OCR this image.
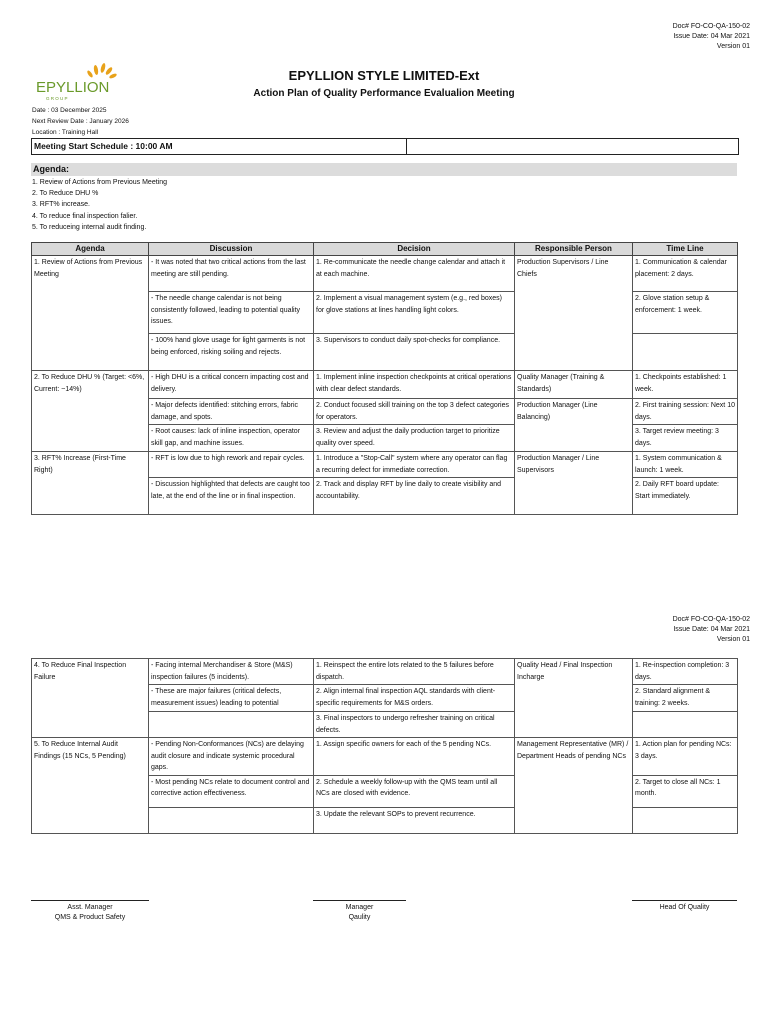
Doc# FO-CO-QA-150-02
Issue Date: 04 Mar 2021
Version 01
EPYLLION
G R O U P
EPYLLION STYLE LIMITED-Ext
Action Plan of Quality Performance Evalualion Meeting
Date : 03 December 2025
Next Review Date : January 2026
Location : Training Hall
Meeting Start Schedule : 10:00 AM
Agenda:
1. Review of Actions from Previous Meeting
2. To Reduce DHU %
3. RFT% increase.
4. To reduce final inspection falier.
5. To reduceing internal audit finding.
Agenda	Discussion	Decision	Responsible Person	Time Line
1. Review of Actions from Previous Meeting	- It was noted that two critical actions from the last meeting are still pending.	1. Re-communicate the needle change calendar and attach it at each machine.	Production Supervisors / Line Chiefs	1. Communication & calendar placement: 2 days.
	- The needle change calendar is not being consistently followed, leading to potential quality issues.	2. Implement a visual management system (e.g., red boxes) for glove stations at lines handling light colors.		2. Glove station setup & enforcement: 1 week.
	- 100% hand glove usage for light garments is not being enforced, risking soiling and rejects.	3. Supervisors to conduct daily spot-checks for compliance.		
2. To Reduce DHU % (Target: <6%, Current: ~14%)	- High DHU is a critical concern impacting cost and delivery.	1. Implement inline inspection checkpoints at critical operations with clear defect standards.	Quality Manager (Training & Standards)	1. Checkpoints established: 1 week.
	- Major defects identified: stitching errors, fabric damage, and spots.	2. Conduct focused skill training on the top 3 defect categories for operators.	Production Manager (Line Balancing)	2. First training session: Next 10 days.
	- Root causes: lack of inline inspection, operator skill gap, and machine issues.	3. Review and adjust the daily production target to prioritize quality over speed.		3. Target review meeting: 3 days.
3. RFT% Increase (First-Time Right)	- RFT is low due to high rework and repair cycles.	1. Introduce a "Stop-Call" system where any operator can flag a recurring defect for immediate correction.	Production Manager / Line Supervisors	1. System communication & launch: 1 week.
	- Discussion highlighted that defects are caught too late, at the end of the line or in final inspection.	2. Track and display RFT by line daily to create visibility and accountability.		2. Daily RFT board update: Start immediately.
Doc# FO-CO-QA-150-02
Issue Date: 04 Mar 2021
Version 01
4. To Reduce Final Inspection Failure	- Facing internal Merchandiser & Store (M&S) inspection failures (5 incidents).	1. Reinspect the entire lots related to the 5 failures before dispatch.	Quality Head / Final Inspection Incharge	1. Re-inspection completion: 3 days.
	- These are major failures (critical defects, measurement issues) leading to potential	2. Align internal final inspection AQL standards with client-specific requirements for M&S orders.		2. Standard alignment & training: 2 weeks.
		3. Final inspectors to undergo refresher training on critical defects.		
5. To Reduce Internal Audit Findings (15 NCs, 5 Pending)	- Pending Non-Conformances (NCs) are delaying audit closure and indicate systemic procedural gaps.	1. Assign specific owners for each of the 5 pending NCs.	Management Representative (MR) / Department Heads of pending NCs	1. Action plan for pending NCs: 3 days.
	- Most pending NCs relate to document control and corrective action effectiveness.	2. Schedule a weekly follow-up with the QMS team until all NCs are closed with evidence.		2. Target to close all NCs: 1 month.
		3. Update the relevant SOPs to prevent recurrence.		
Asst. Manager
QMS & Product Safety
Manager
Qaulity
Head Of Quality
